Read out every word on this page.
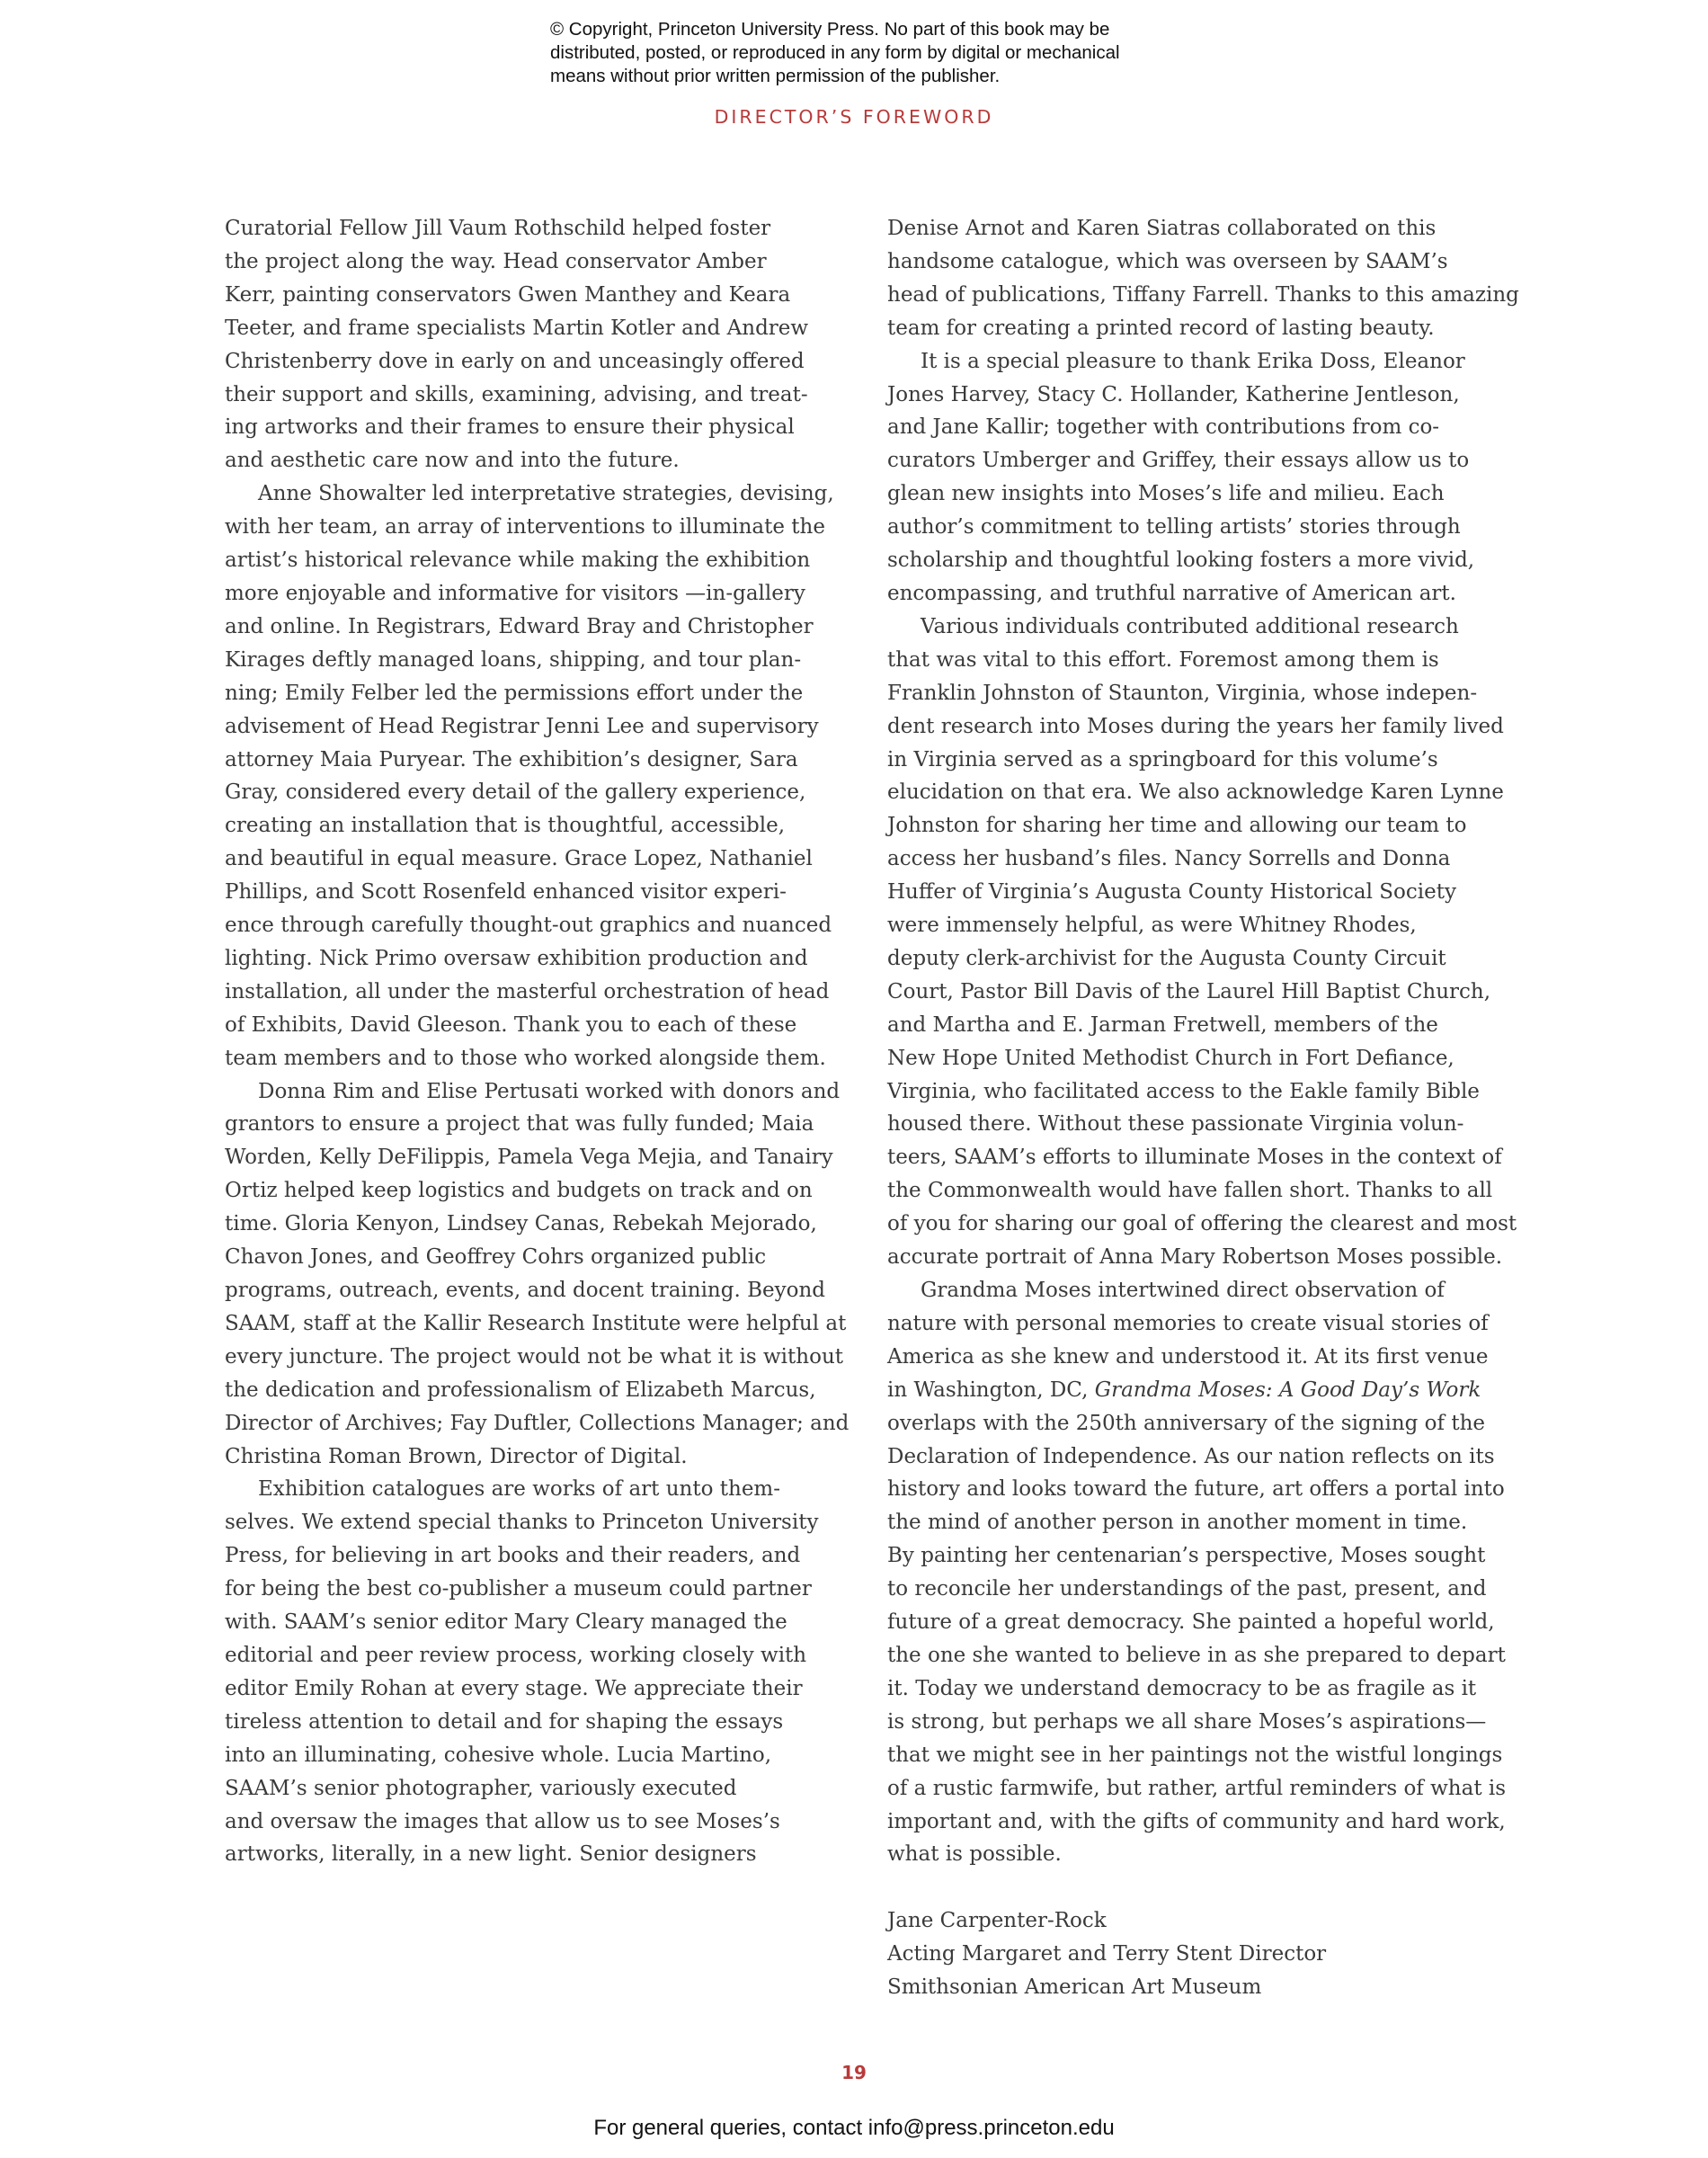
© Copyright, Princeton University Press. No part of this book may be
distributed, posted, or reproduced in any form by digital or mechanical
means without prior written permission of the publisher.
DIRECTOR’S FOREWORD

Curatorial Fellow Jill Vaum Rothschild helped foster

the project along the way. Head conservator Amber

Kerr, painting conservators Gwen Manthey and Keara

Teeter, and frame specialists Martin Kotler and Andrew

Christenberry dove in early on and unceasingly offered

their support and skills, examining, advising, and treat-

ing artworks and their frames to ensure their physical

and aesthetic care now and into the future.

Anne Showalter led interpretative strategies, devising,

with her team, an array of interventions to illuminate the

artist’s historical relevance while making the exhibition

more enjoyable and informative for visitors —in-gallery

and online. In Registrars, Edward Bray and Christopher

Kirages deftly managed loans, shipping, and tour plan-

ning; Emily Felber led the permissions effort under the

advisement of Head Registrar Jenni Lee and supervisory

attorney Maia Puryear. The exhibition’s designer, Sara

Gray, considered every detail of the gallery experience,

creating an installation that is thoughtful, accessible,

and beautiful in equal measure. Grace Lopez, Nathaniel

Phillips, and Scott Rosenfeld enhanced visitor experi-

ence through carefully thought-out graphics and nuanced

lighting. Nick Primo oversaw exhibition production and

installation, all under the masterful orchestration of head

of Exhibits, David Gleeson. Thank you to each of these

team members and to those who worked alongside them.

Donna Rim and Elise Pertusati worked with donors and

grantors to ensure a project that was fully funded; Maia

Worden, Kelly DeFilippis, Pamela Vega Mejia, and Tanairy

Ortiz helped keep logistics and budgets on track and on

time. Gloria Kenyon, Lindsey Canas, Rebekah Mejorado,

Chavon Jones, and Geoffrey Cohrs organized public

programs, outreach, events, and docent training. Beyond

SAAM, staff at the Kallir Research Institute were helpful at

every juncture. The project would not be what it is without

the dedication and professionalism of Elizabeth Marcus,

Director of Archives; Fay Duftler, Collections Manager; and

Christina Roman Brown, Director of Digital.

Exhibition catalogues are works of art unto them-

selves. We extend special thanks to Princeton University

Press, for believing in art books and their readers, and

for being the best co-publisher a museum could partner

with. SAAM’s senior editor Mary Cleary managed the

editorial and peer review process, working closely with

editor Emily Rohan at every stage. We appreciate their

tireless attention to detail and for shaping the essays

into an illuminating, cohesive whole. Lucia Martino,

SAAM’s senior photographer, variously executed

and oversaw the images that allow us to see Moses’s

artworks, literally, in a new light. Senior designers

Denise Arnot and Karen Siatras collaborated on this

handsome catalogue, which was overseen by SAAM’s

head of publications, Tiffany Farrell. Thanks to this amazing

team for creating a printed record of lasting beauty.

It is a special pleasure to thank Erika Doss, Eleanor

Jones Harvey, Stacy C. Hollander, Katherine Jentleson,

and Jane Kallir; together with contributions from co-

curators Umberger and Griffey, their essays allow us to

glean new insights into Moses’s life and milieu. Each

author’s commitment to telling artists’ stories through

scholarship and thoughtful looking fosters a more vivid,

encompassing, and truthful narrative of American art.

Various individuals contributed additional research

that was vital to this effort. Foremost among them is

Franklin Johnston of Staunton, Virginia, whose indepen-

dent research into Moses during the years her family lived

in Virginia served as a springboard for this volume’s

elucidation on that era. We also acknowledge Karen Lynne

Johnston for sharing her time and allowing our team to

access her husband’s files. Nancy Sorrells and Donna

Huffer of Virginia’s Augusta County Historical Society

were immensely helpful, as were Whitney Rhodes,

deputy clerk-archivist for the Augusta County Circuit

Court, Pastor Bill Davis of the Laurel Hill Baptist Church,

and Martha and E. Jarman Fretwell, members of the

New Hope United Methodist Church in Fort Defiance,

Virginia, who facilitated access to the Eakle family Bible

housed there. Without these passionate Virginia volun-

teers, SAAM’s efforts to illuminate Moses in the context of

the Commonwealth would have fallen short. Thanks to all

of you for sharing our goal of offering the clearest and most

accurate portrait of Anna Mary Robertson Moses possible.

Grandma Moses intertwined direct observation of

nature with personal memories to create visual stories of

America as she knew and understood it. At its first venue

in Washington, DC, Grandma Moses: A Good Day’s Work

overlaps with the 250th anniversary of the signing of the

Declaration of Independence. As our nation reflects on its

history and looks toward the future, art offers a portal into

the mind of another person in another moment in time.

By painting her centenarian’s perspective, Moses sought

to reconcile her understandings of the past, present, and

future of a great democracy. She painted a hopeful world,

the one she wanted to believe in as she prepared to depart

it. Today we understand democracy to be as fragile as it

is strong, but perhaps we all share Moses’s aspirations—

that we might see in her paintings not the wistful longings

of a rustic farmwife, but rather, artful reminders of what is

important and, with the gifts of community and hard work,

what is possible.

Jane Carpenter-Rock
Acting Margaret and Terry Stent Director
Smithsonian American Art Museum
19
For general queries, contact info@press.princeton.edu
